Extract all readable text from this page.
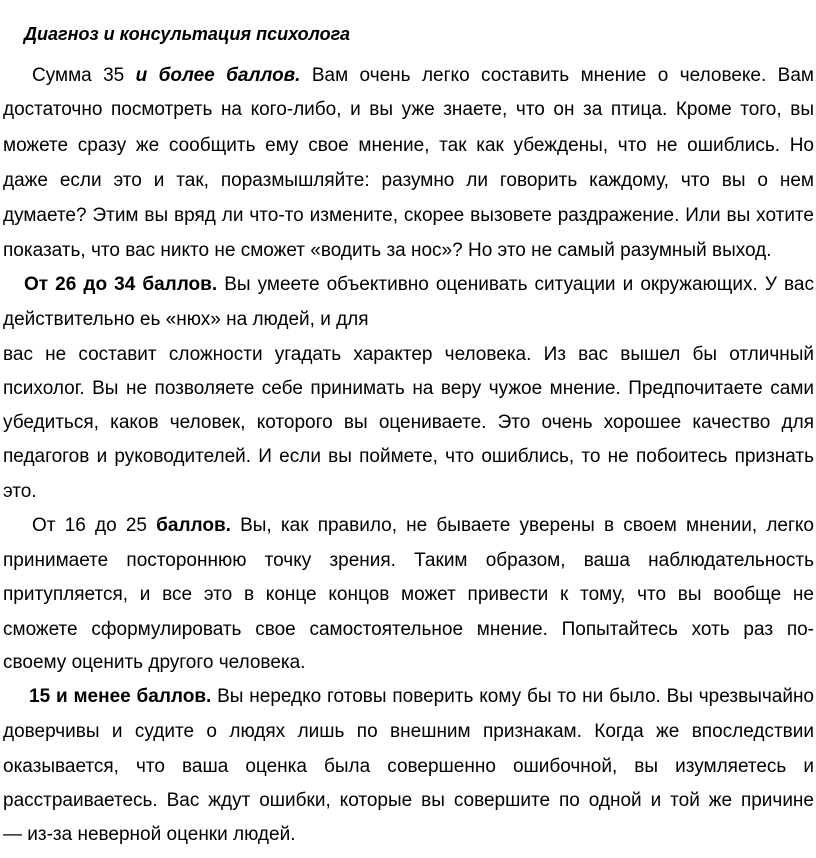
Диагноз и консультация психолога
Сумма 35 и более баллов. Вам очень легко составить мнение о человеке. Вам
достаточно посмотреть на кого-либо, и вы уже знаете, что он за птица. Кроме того, вы
можете сразу же сообщить ему свое мнение, так как убеждены, что не ошиблись. Но
даже если это и так, поразмышляйте: разумно ли говорить каждому, что вы о нем
думаете? Этим вы вряд ли что-то измените, скорее вызовете раздражение. Или вы хотите
показать, что вас никто не сможет «водить за нос»? Но это не самый разумный выход.
От 26 до 34 баллов. Вы умеете объективно оценивать ситуации и окружающих. У вас
действительно еь «нюх» на людей, и для
вас не составит сложности угадать характер человека. Из вас вышел бы отличный
психолог. Вы не позволяете себе принимать на веру чужое мнение. Предпочитаете сами
убедиться, каков человек, которого вы оцениваете. Это очень хорошее качество для
педагогов и руководителей. И если вы поймете, что ошиблись, то не побоитесь признать
это.
От 16 до 25 баллов. Вы, как правило, не бываете уверены в своем мнении, легко
принимаете постороннюю точку зрения. Таким образом, ваша наблюдательность
притупляется, и все это в конце концов может привести к тому, что вы вообще не
сможете сформулировать свое самостоятельное мнение. Попытайтесь хоть раз по-
своему оценить другого человека.
15 и менее баллов. Вы нередко готовы поверить кому бы то ни было. Вы чрезвычайно
доверчивы и судите о людях лишь по внешним признакам. Когда же впоследствии
оказывается, что ваша оценка была совершенно ошибочной, вы изумляетесь и
расстраиваетесь. Вас ждут ошибки, которые вы совершите по одной и той же причине
— из-за неверной оценки людей.
